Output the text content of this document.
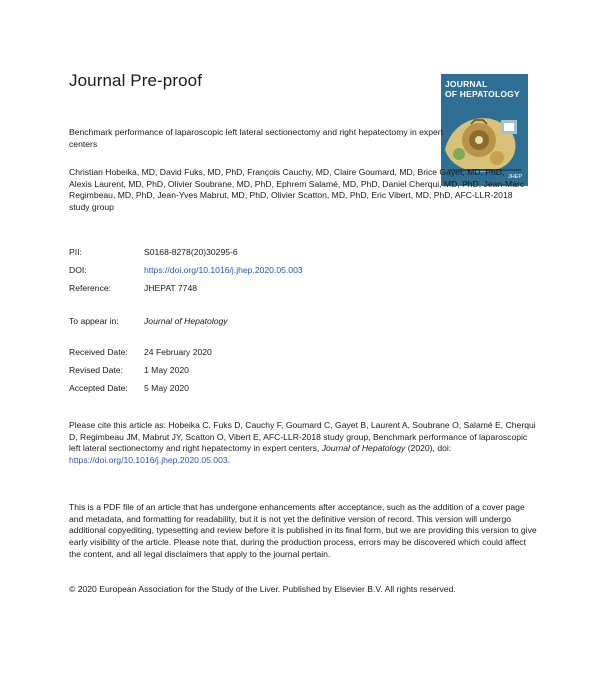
Journal Pre-proof	JOURNAL
OF HEPATOLOGY
JHEP
Benchmark performance of laparoscopic left lateral sectionectomy and right hepatectomy in expert centers
Christian Hobeika, MD, David Fuks, MD, PhD, François Cauchy, MD, Claire Goumard, MD, Brice Gayet, MD, PhD, Alexis Laurent, MD, PhD, Olivier Soubrane, MD, PhD, Ephrem Salamé, MD, PhD, Daniel Cherqui, MD, PhD, Jean-Marc Regimbeau, MD, PhD, Jean-Yves Mabrut, MD, PhD, Olivier Scatton, MD, PhD, Eric Vibert, MD, PhD, AFC-LLR-2018 study group
PII:	S0168-8278(20)30295-6
DOI:	https://doi.org/10.1016/j.jhep.2020.05.003
Reference:	JHEPAT 7748
To appear in:	Journal of Hepatology
Received Date: 24 February 2020
Revised Date: 1 May 2020
Accepted Date: 5 May 2020
Please cite this article as: Hobeika C, Fuks D, Cauchy F, Goumard C, Gayet B, Laurent A, Soubrane O, Salamé E, Cherqui D, Regimbeau JM, Mabrut JY, Scatton O, Vibert E, AFC-LLR-2018 study group, Benchmark performance of laparoscopic left lateral sectionectomy and right hepatectomy in expert centers, Journal of Hepatology (2020), doi: https://doi.org/10.1016/j.jhep.2020.05.003.
This is a PDF file of an article that has undergone enhancements after acceptance, such as the addition of a cover page and metadata, and formatting for readability, but it is not yet the definitive version of record. This version will undergo additional copyediting, typesetting and review before it is published in its final form, but we are providing this version to give early visibility of the article. Please note that, during the production process, errors may be discovered which could affect the content, and all legal disclaimers that apply to the journal pertain.
© 2020 European Association for the Study of the Liver. Published by Elsevier B.V. All rights reserved.
